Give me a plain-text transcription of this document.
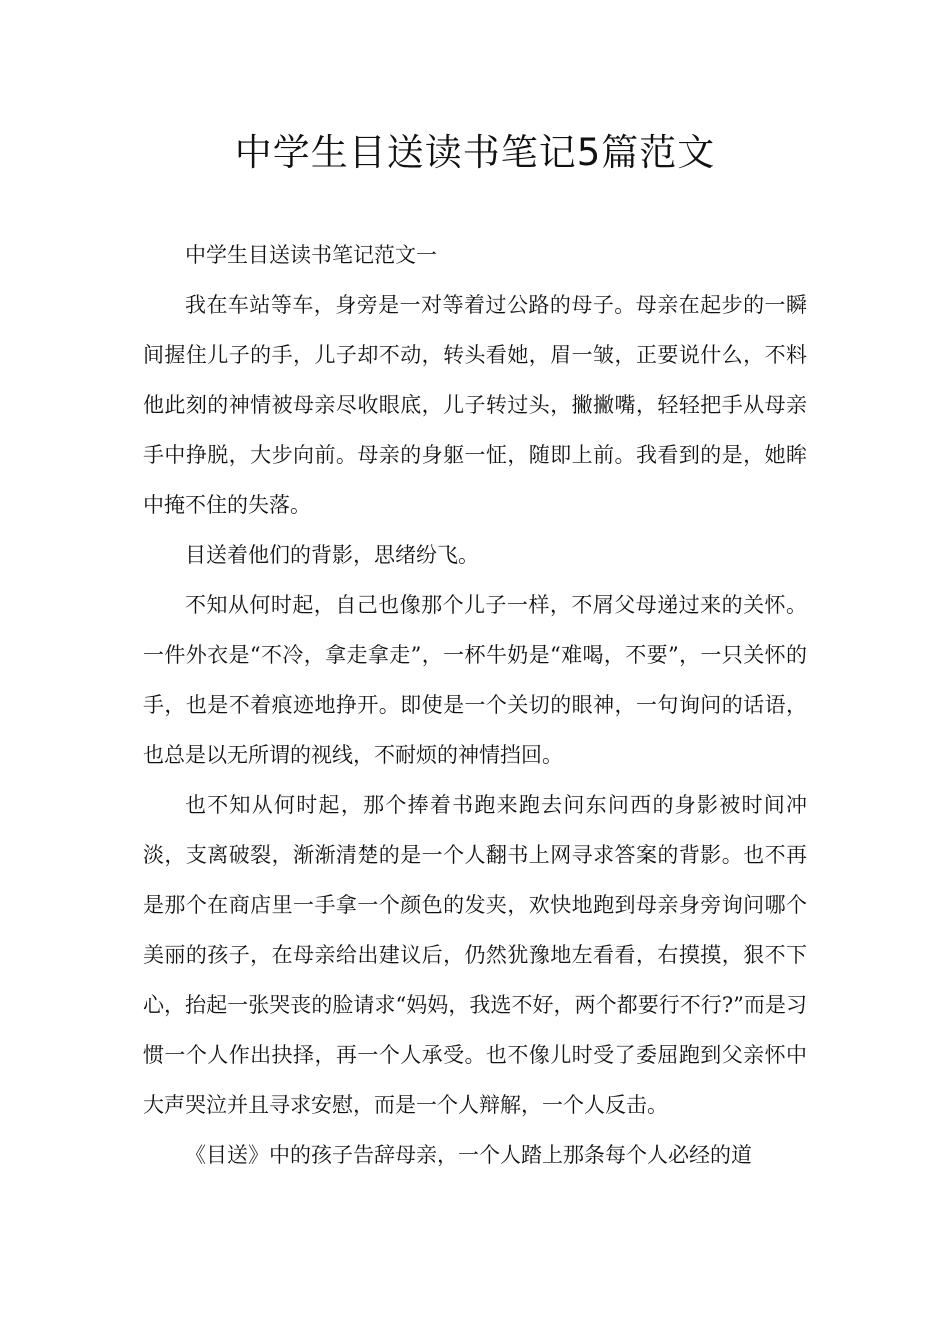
中学生目送读书笔记5篇范文

中学生目送读书笔记范文一

我在车站等车，身旁是一对等着过公路的母子。母亲在起步的一瞬间握住儿子的手，儿子却不动，转头看她，眉一皱，正要说什么，不料他此刻的神情被母亲尽收眼底，儿子转过头，撇撇嘴，轻轻把手从母亲手中挣脱，大步向前。母亲的身躯一怔，随即上前。我看到的是，她眸中掩不住的失落。

目送着他们的背影，思绪纷飞。

不知从何时起，自己也像那个儿子一样，不屑父母递过来的关怀。一件外衣是“不冷，拿走拿走”，一杯牛奶是“难喝，不要”，一只关怀的手，也是不着痕迹地挣开。即使是一个关切的眼神，一句询问的话语，也总是以无所谓的视线，不耐烦的神情挡回。

也不知从何时起，那个捧着书跑来跑去问东问西的身影被时间冲淡，支离破裂，渐渐清楚的是一个人翻书上网寻求答案的背影。也不再是那个在商店里一手拿一个颜色的发夹，欢快地跑到母亲身旁询问哪个美丽的孩子，在母亲给出建议后，仍然犹豫地左看看，右摸摸，狠不下心，抬起一张哭丧的脸请求“妈妈，我选不好，两个都要行不行?”而是习惯一个人作出抉择，再一个人承受。也不像儿时受了委屈跑到父亲怀中大声哭泣并且寻求安慰，而是一个人辩解，一个人反击。

《目送》中的孩子告辞母亲，一个人踏上那条每个人必经的道
